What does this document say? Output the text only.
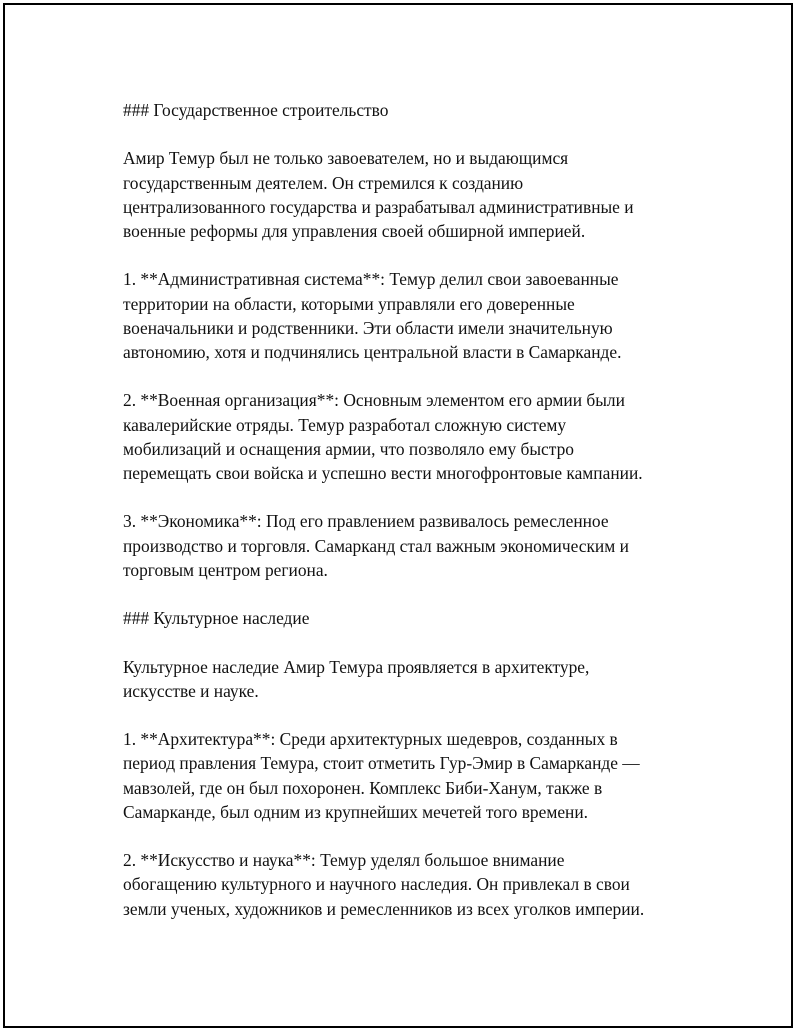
### Государственное строительство

Амир Темур был не только завоевателем, но и выдающимся
государственным деятелем. Он стремился к созданию
централизованного государства и разрабатывал административные и
военные реформы для управления своей обширной империей.

1. **Административная система**: Темур делил свои завоеванные
территории на области, которыми управляли его доверенные
военачальники и родственники. Эти области имели значительную
автономию, хотя и подчинялись центральной власти в Самарканде.

2. **Военная организация**: Основным элементом его армии были
кавалерийские отряды. Темур разработал сложную систему
мобилизаций и оснащения армии, что позволяло ему быстро
перемещать свои войска и успешно вести многофронтовые кампании.

3. **Экономика**: Под его правлением развивалось ремесленное
производство и торговля. Самарканд стал важным экономическим и
торговым центром региона.

### Культурное наследие

Культурное наследие Амир Темура проявляется в архитектуре,
искусстве и науке.

1. **Архитектура**: Среди архитектурных шедевров, созданных в
период правления Темура, стоит отметить Гур-Эмир в Самарканде —
мавзолей, где он был похоронен. Комплекс Биби-Ханум, также в
Самарканде, был одним из крупнейших мечетей того времени.

2. **Искусство и наука**: Темур уделял большое внимание
обогащению культурного и научного наследия. Он привлекал в свои
земли ученых, художников и ремесленников из всех уголков империи.
